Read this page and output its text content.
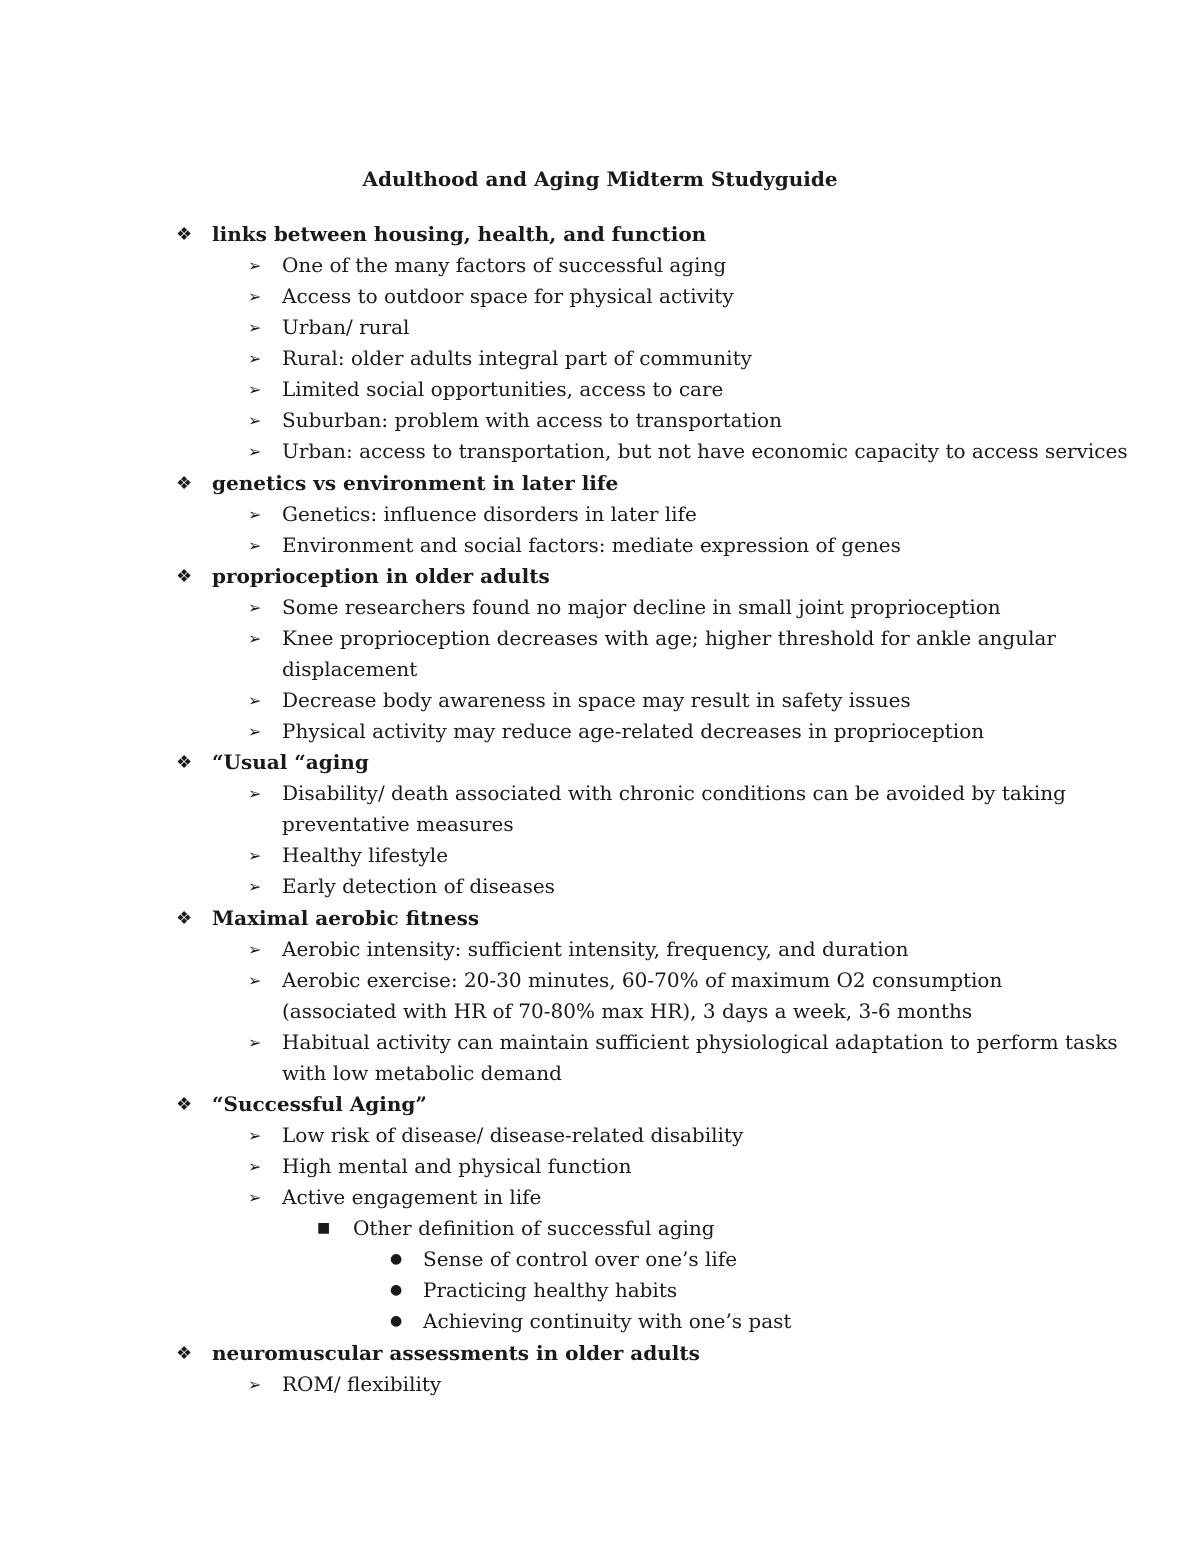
Adulthood and Aging Midterm Studyguide
❖ links between housing, health, and function
➢ One of the many factors of successful aging
➢ Access to outdoor space for physical activity
➢ Urban/ rural
➢ Rural: older adults integral part of community
➢ Limited social opportunities, access to care
➢ Suburban: problem with access to transportation
➢ Urban: access to transportation, but not have economic capacity to access services
❖ genetics vs environment in later life
➢ Genetics: influence disorders in later life
➢ Environment and social factors: mediate expression of genes
❖ proprioception in older adults
➢ Some researchers found no major decline in small joint proprioception
➢ Knee proprioception decreases with age; higher threshold for ankle angular
displacement
➢ Decrease body awareness in space may result in safety issues
➢ Physical activity may reduce age-related decreases in proprioception
❖ “Usual “aging
➢ Disability/ death associated with chronic conditions can be avoided by taking
preventative measures
➢ Healthy lifestyle
➢ Early detection of diseases
❖ Maximal aerobic fitness
➢ Aerobic intensity: sufficient intensity, frequency, and duration
➢ Aerobic exercise: 20-30 minutes, 60-70% of maximum O2 consumption
(associated with HR of 70-80% max HR), 3 days a week, 3-6 months
➢ Habitual activity can maintain sufficient physiological adaptation to perform tasks
with low metabolic demand
❖ “Successful Aging”
➢ Low risk of disease/ disease-related disability
➢ High mental and physical function
➢ Active engagement in life
■ Other definition of successful aging
● Sense of control over one’s life
● Practicing healthy habits
● Achieving continuity with one’s past
❖ neuromuscular assessments in older adults
➢ ROM/ flexibility
